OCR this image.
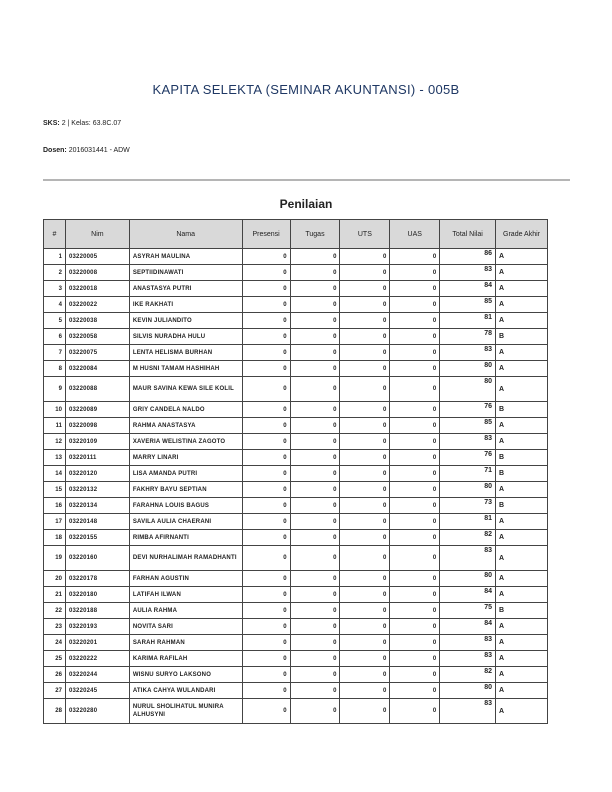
KAPITA SELEKTA (SEMINAR AKUNTANSI) - 005B
SKS: 2 | Kelas: 63.8C.07
Dosen: 2016031441 - ADW
Penilaian
#	Nim	Nama	Presensi	Tugas	UTS	UAS	Total Nilai	Grade Akhir
1	03220005	ASYRAH MAULINA	0	0	0	0	86	A
2	03220008	SEPTIIDINAWATI	0	0	0	0	83	A
3	03220018	ANASTASYA PUTRI	0	0	0	0	84	A
4	03220022	IKE RAKHATI	0	0	0	0	85	A
5	03220038	KEVIN JULIANDITO	0	0	0	0	81	A
6	03220058	SILVIS NURADHA HULU	0	0	0	0	78	B
7	03220075	LENTA HELISMA BURHAN	0	0	0	0	83	A
8	03220084	M HUSNI TAMAM HASHIHAH	0	0	0	0	80	A
9	03220088	MAUR SAVINA KEWA SILE KOLIL	0	0	0	0	80	A
10	03220089	GRIY CANDELA NALDO	0	0	0	0	76	B
11	03220098	RAHMA ANASTASYA	0	0	0	0	85	A
12	03220109	XAVERIA WELISTINA ZAGOTO	0	0	0	0	83	A
13	03220111	MARRY LINARI	0	0	0	0	76	B
14	03220120	LISA AMANDA PUTRI	0	0	0	0	71	B
15	03220132	FAKHRY BAYU SEPTIAN	0	0	0	0	80	A
16	03220134	FARAHNA LOUIS BAGUS	0	0	0	0	73	B
17	03220148	SAVILA AULIA CHAERANI	0	0	0	0	81	A
18	03220155	RIMBA AFIRNANTI	0	0	0	0	82	A
19	03220160	DEVI NURHALIMAH RAMADHANTI	0	0	0	0	83	A
20	03220178	FARHAN AGUSTIN	0	0	0	0	80	A
21	03220180	LATIFAH ILWAN	0	0	0	0	84	A
22	03220188	AULIA RAHMA	0	0	0	0	75	B
23	03220193	NOVITA SARI	0	0	0	0	84	A
24	03220201	SARAH RAHMAN	0	0	0	0	83	A
25	03220222	KARIMA RAFILAH	0	0	0	0	83	A
26	03220244	WISNU SURYO LAKSONO	0	0	0	0	82	A
27	03220245	ATIKA CAHYA WULANDARI	0	0	0	0	80	A
28	03220280	NURUL SHOLIHATUL MUNIRA ALHUSYNI	0	0	0	0	83	A
